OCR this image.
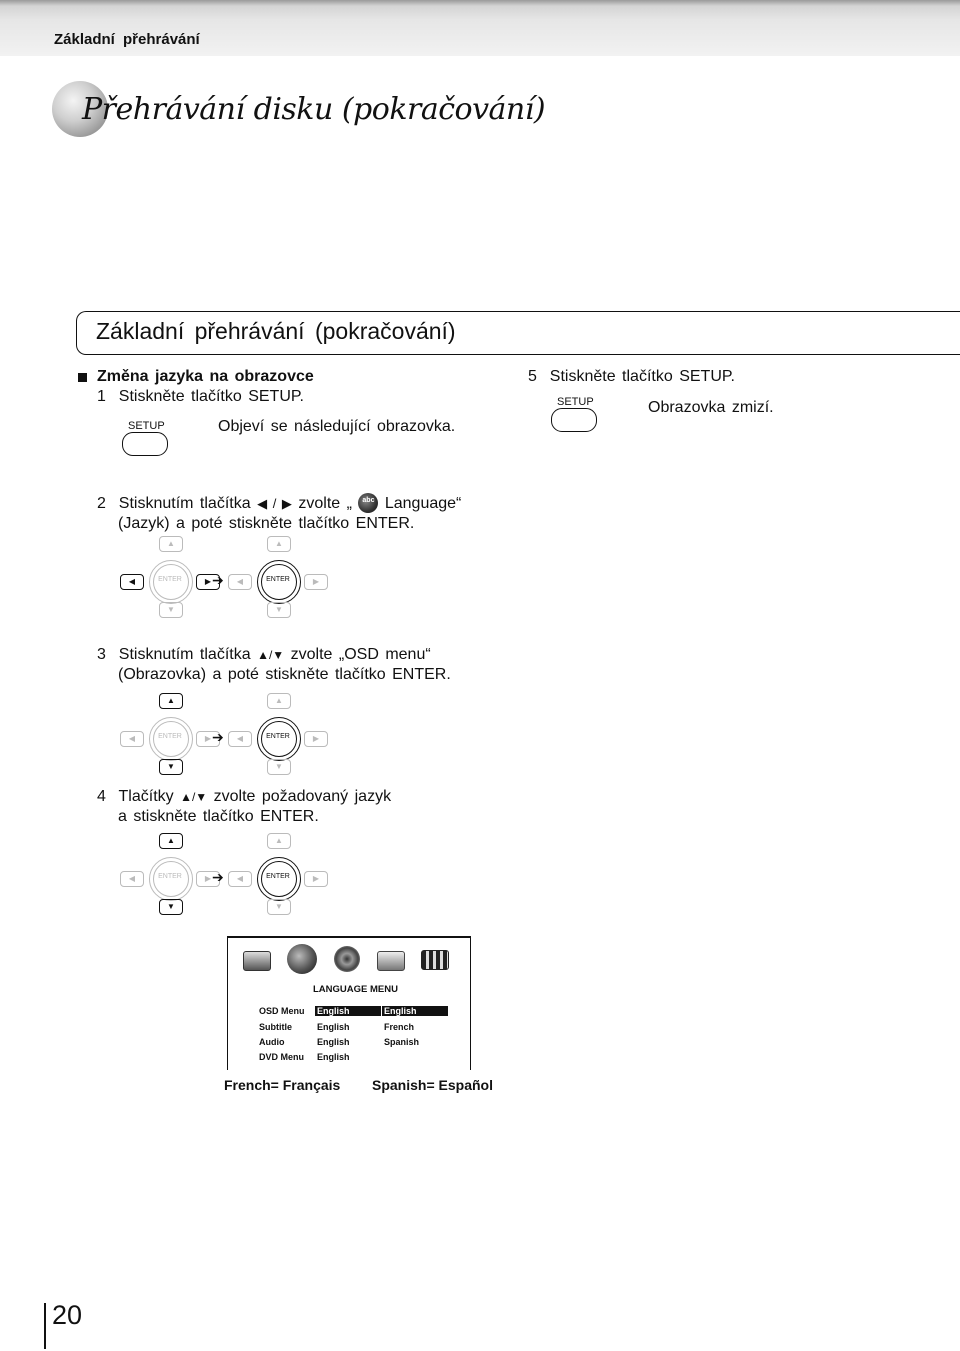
Základní přehrávání
Přehrávání disku (pokračování)
Základní přehrávání (pokračování)
Změna jazyka na obrazovce
1 Stiskněte tlačítko SETUP.
SETUP	Objeví se následující obrazovka.
5 Stiskněte tlačítko SETUP.
SETUP	Obrazovka zmizí.
2 Stisknutím tlačítka ◀ / ▶ zvolte „ abc Language“
(Jazyk) a poté stiskněte tlačítko ENTER.
▲
◀	ENTER	▶
▼
➔
▲
◀	ENTER	▶
▼
3 Stisknutím tlačítka ▲/▼ zvolte „OSD menu“
(Obrazovka) a poté stiskněte tlačítko ENTER.
▲
◀	ENTER	▶
▼
➔
▲
◀	ENTER	▶
▼
4 Tlačítky ▲/▼ zvolte požadovaný jazyk
a stiskněte tlačítko ENTER.
▲
◀	ENTER	▶
▼
➔
▲
◀	ENTER	▶
▼
LANGUAGE MENU
OSD Menu English	English
Subtitle	English	French
Audio	English	Spanish
DVD Menu English
French= Français Spanish= Español
20
